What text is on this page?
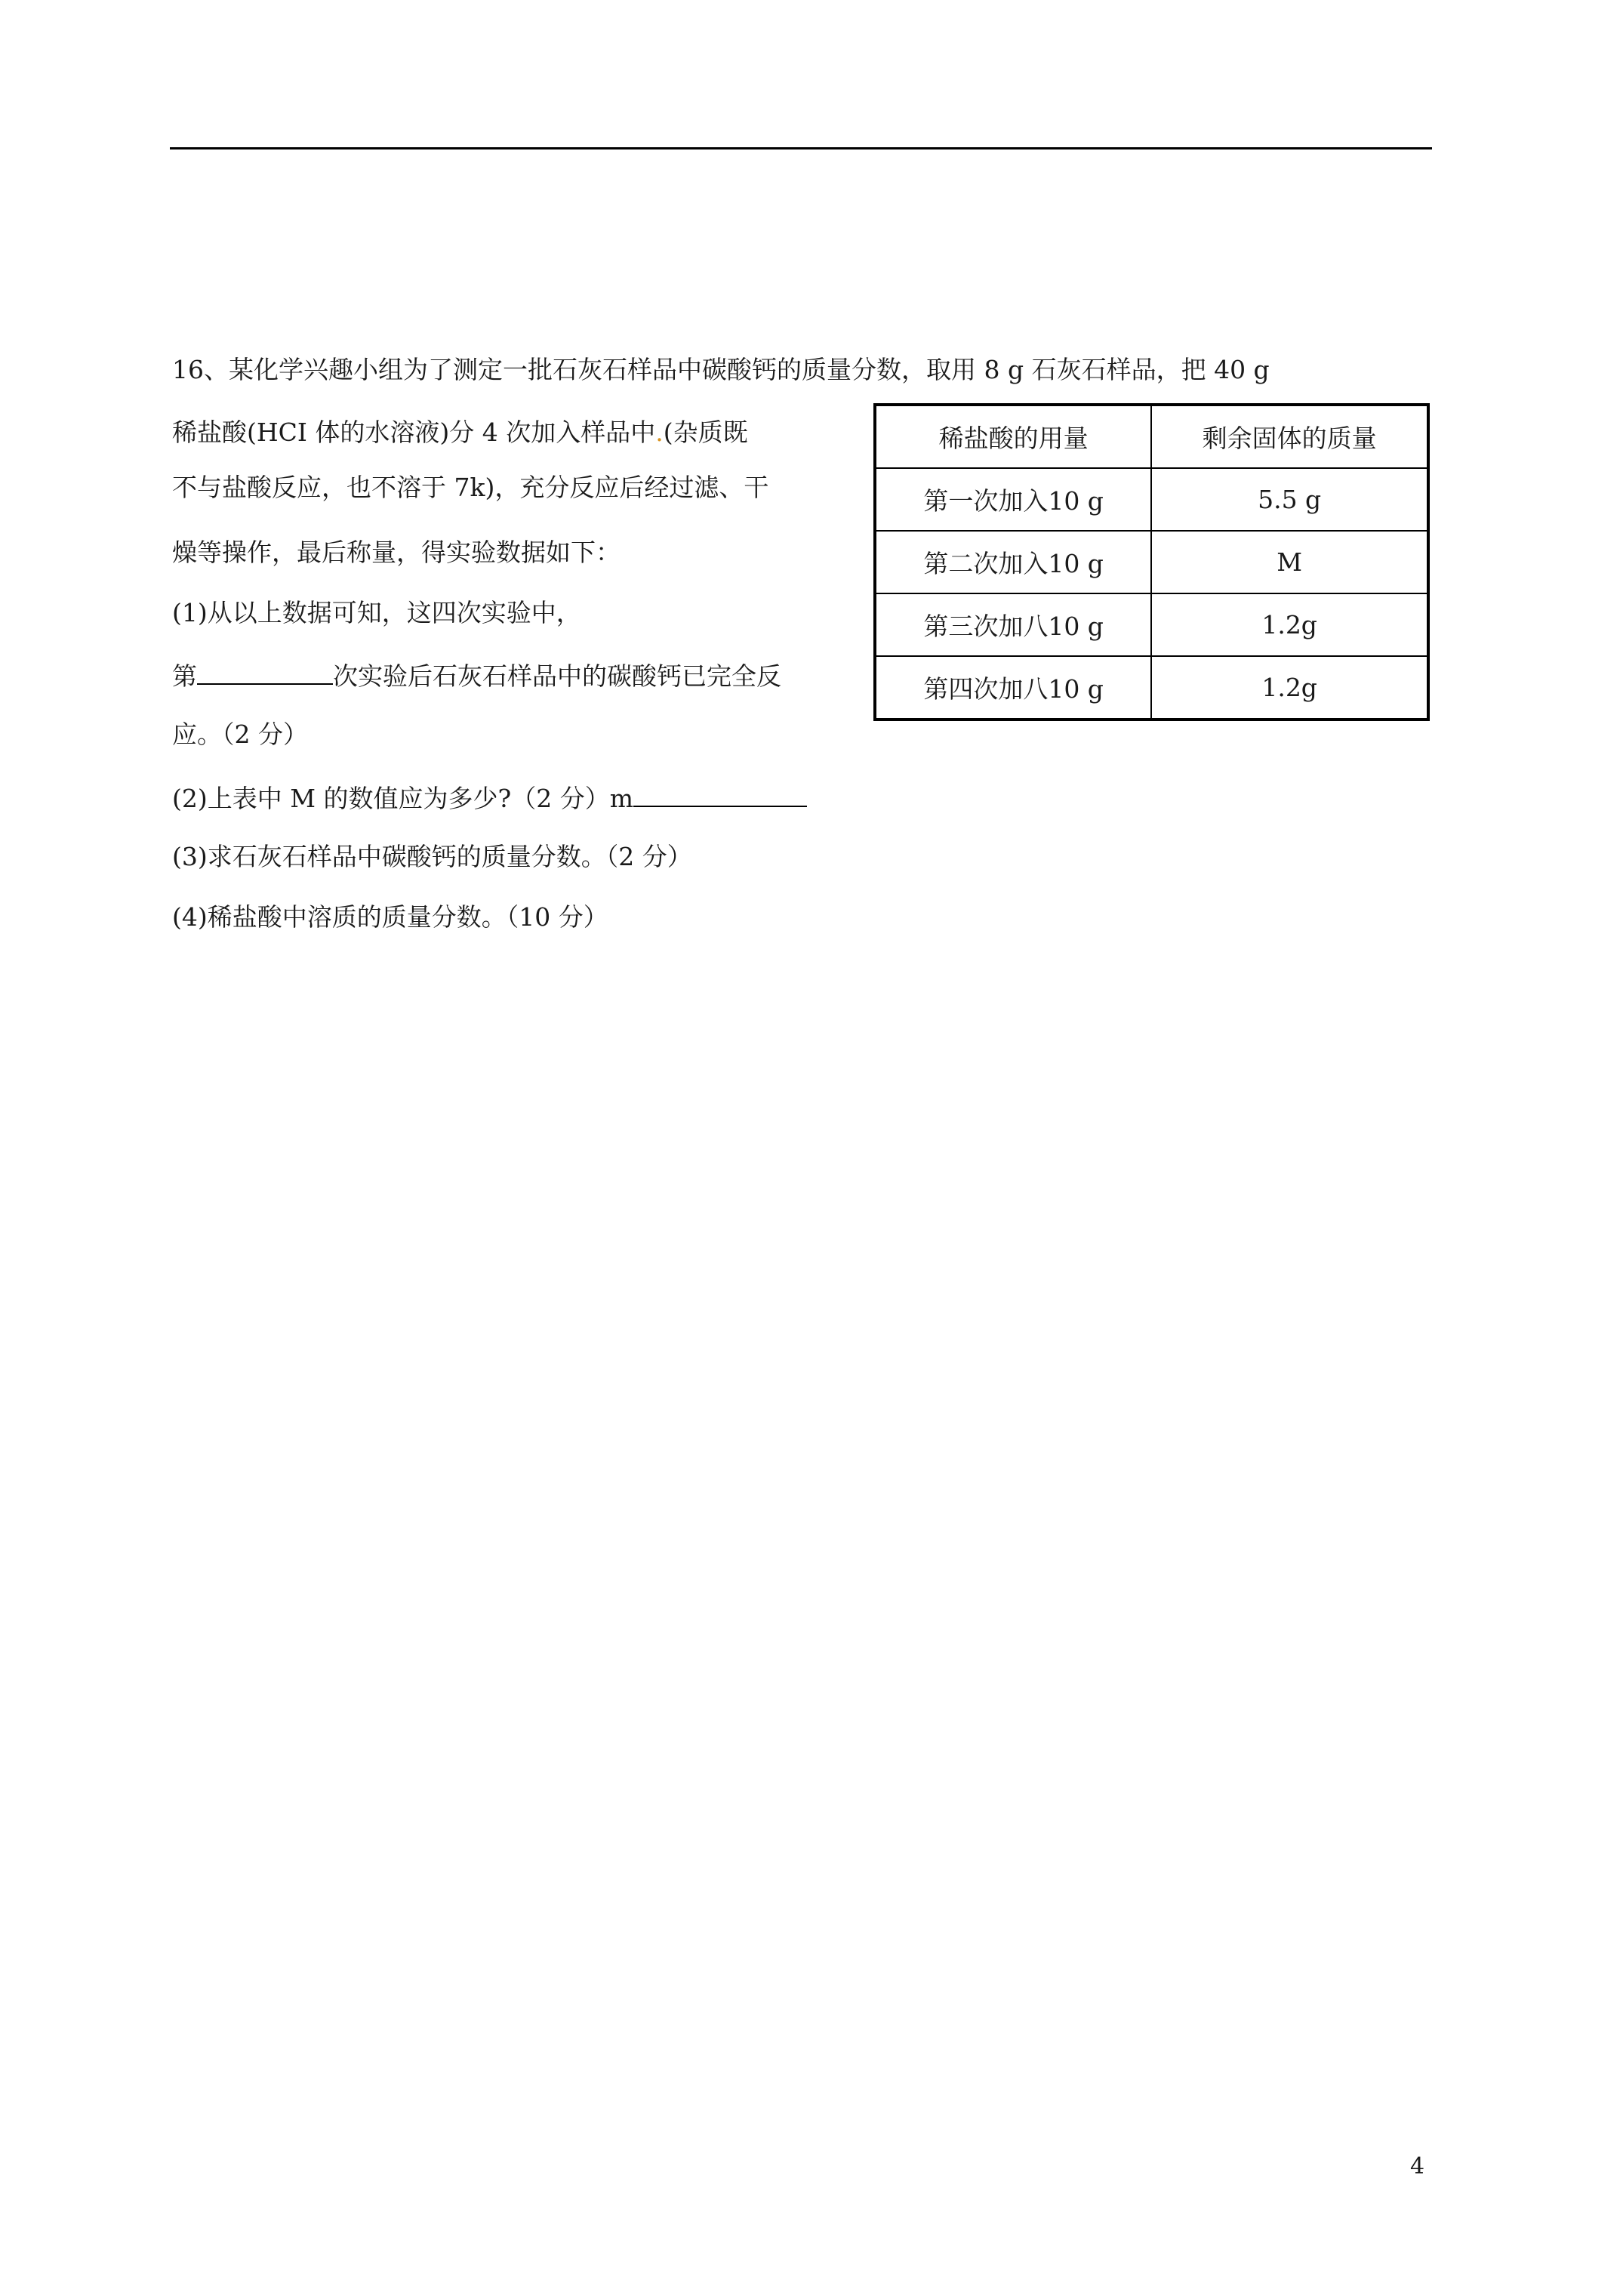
16、某化学兴趣小组为了测定一批石灰石样品中碳酸钙的质量分数，取用 8 g 石灰石样品，把 40 g
稀盐酸(HCI 体的水溶液)分 4 次加入样品中.(杂质既
不与盐酸反应，也不溶于 7k)，充分反应后经过滤、干
燥等操作，最后称量，得实验数据如下：
(1)从以上数据可知，这四次实验中，
第	次实验后石灰石样品中的碳酸钙已完全反
应。（2 分）
(2)上表中 M 的数值应为多少?（2 分）m
(3)求石灰石样品中碳酸钙的质量分数。（2 分）
(4)稀盐酸中溶质的质量分数。（10 分）
稀盐酸的用量	剩余固体的质量
第一次加入10 g	5.5 g
第二次加入10 g	M
第三次加八10 g	1.2g
第四次加八10 g	1.2g
4
